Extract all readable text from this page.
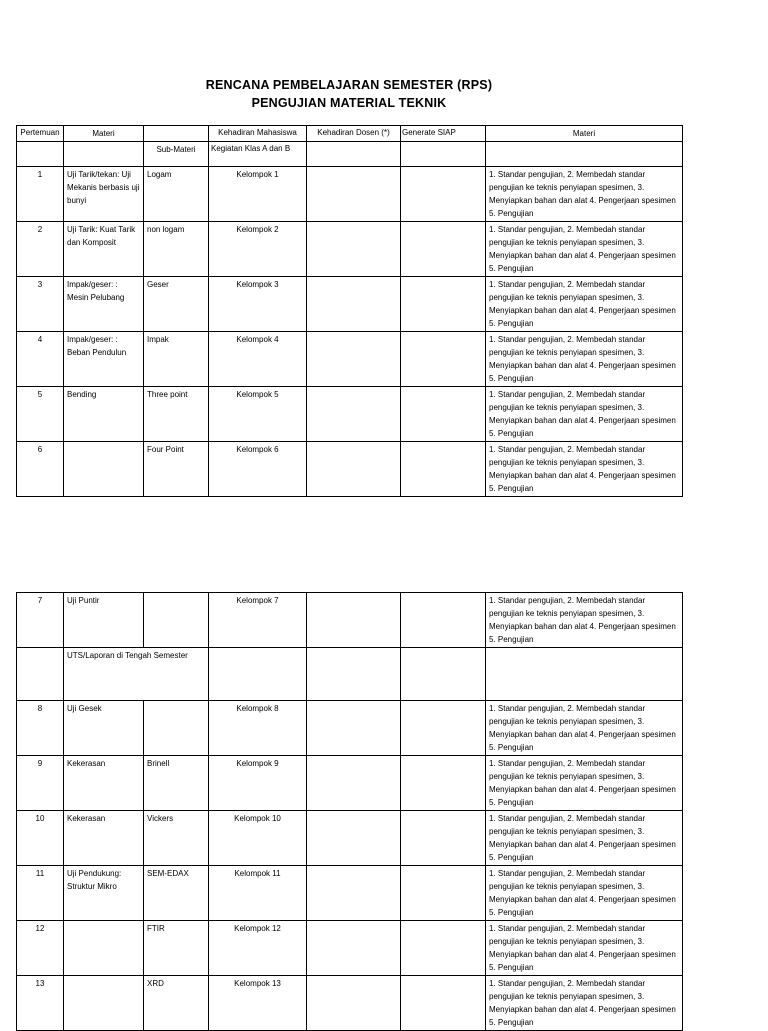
RENCANA PEMBELAJARAN SEMESTER (RPS)
PENGUJIAN MATERIAL TEKNIK
Pertemuan	Materi		Kehadiran Mahasiswa	Kehadiran Dosen (*)	Generate SIAP	Materi
		Sub-Materi	Kegiatan Klas A dan B			
1	Uji Tarik/tekan: Uji Mekanis berbasis uji bunyi	Logam	Kelompok 1			1. Standar pengujian, 2. Membedah standar pengujian ke teknis penyiapan spesimen, 3. Menyiapkan bahan dan alat 4. Pengerjaan spesimen 5. Pengujian
2	Uji Tarik: Kuat Tarik dan Komposit	non logam	Kelompok 2			1. Standar pengujian, 2. Membedah standar pengujian ke teknis penyiapan spesimen, 3. Menyiapkan bahan dan alat 4. Pengerjaan spesimen 5. Pengujian
3	Impak/geser: : Mesin Pelubang	Geser	Kelompok 3			1. Standar pengujian, 2. Membedah standar pengujian ke teknis penyiapan spesimen, 3. Menyiapkan bahan dan alat 4. Pengerjaan spesimen 5. Pengujian
4	Impak/geser: : Beban Pendulun	Impak	Kelompok 4			1. Standar pengujian, 2. Membedah standar pengujian ke teknis penyiapan spesimen, 3. Menyiapkan bahan dan alat 4. Pengerjaan spesimen 5. Pengujian
5	Bending	Three point	Kelompok 5			1. Standar pengujian, 2. Membedah standar pengujian ke teknis penyiapan spesimen, 3. Menyiapkan bahan dan alat 4. Pengerjaan spesimen 5. Pengujian
6		Four Point	Kelompok 6			1. Standar pengujian, 2. Membedah standar pengujian ke teknis penyiapan spesimen, 3. Menyiapkan bahan dan alat 4. Pengerjaan spesimen 5. Pengujian
7	Uji Puntir		Kelompok 7			1. Standar pengujian, 2. Membedah standar pengujian ke teknis penyiapan spesimen, 3. Menyiapkan bahan dan alat 4. Pengerjaan spesimen 5. Pengujian
	UTS/Laporan di Tengah Semester					
8	Uji Gesek		Kelompok 8			1. Standar pengujian, 2. Membedah standar pengujian ke teknis penyiapan spesimen, 3. Menyiapkan bahan dan alat 4. Pengerjaan spesimen 5. Pengujian
9	Kekerasan	Brinell	Kelompok 9			1. Standar pengujian, 2. Membedah standar pengujian ke teknis penyiapan spesimen, 3. Menyiapkan bahan dan alat 4. Pengerjaan spesimen 5. Pengujian
10	Kekerasan	Vickers	Kelompok 10			1. Standar pengujian, 2. Membedah standar pengujian ke teknis penyiapan spesimen, 3. Menyiapkan bahan dan alat 4. Pengerjaan spesimen 5. Pengujian
11	Uji Pendukung: Struktur Mikro	SEM-EDAX	Kelompok 11			1. Standar pengujian, 2. Membedah standar pengujian ke teknis penyiapan spesimen, 3. Menyiapkan bahan dan alat 4. Pengerjaan spesimen 5. Pengujian
12		FTIR	Kelompok 12			1. Standar pengujian, 2. Membedah standar pengujian ke teknis penyiapan spesimen, 3. Menyiapkan bahan dan alat 4. Pengerjaan spesimen 5. Pengujian
13		XRD	Kelompok 13			1. Standar pengujian, 2. Membedah standar pengujian ke teknis penyiapan spesimen, 3. Menyiapkan bahan dan alat 4. Pengerjaan spesimen 5. Pengujian
